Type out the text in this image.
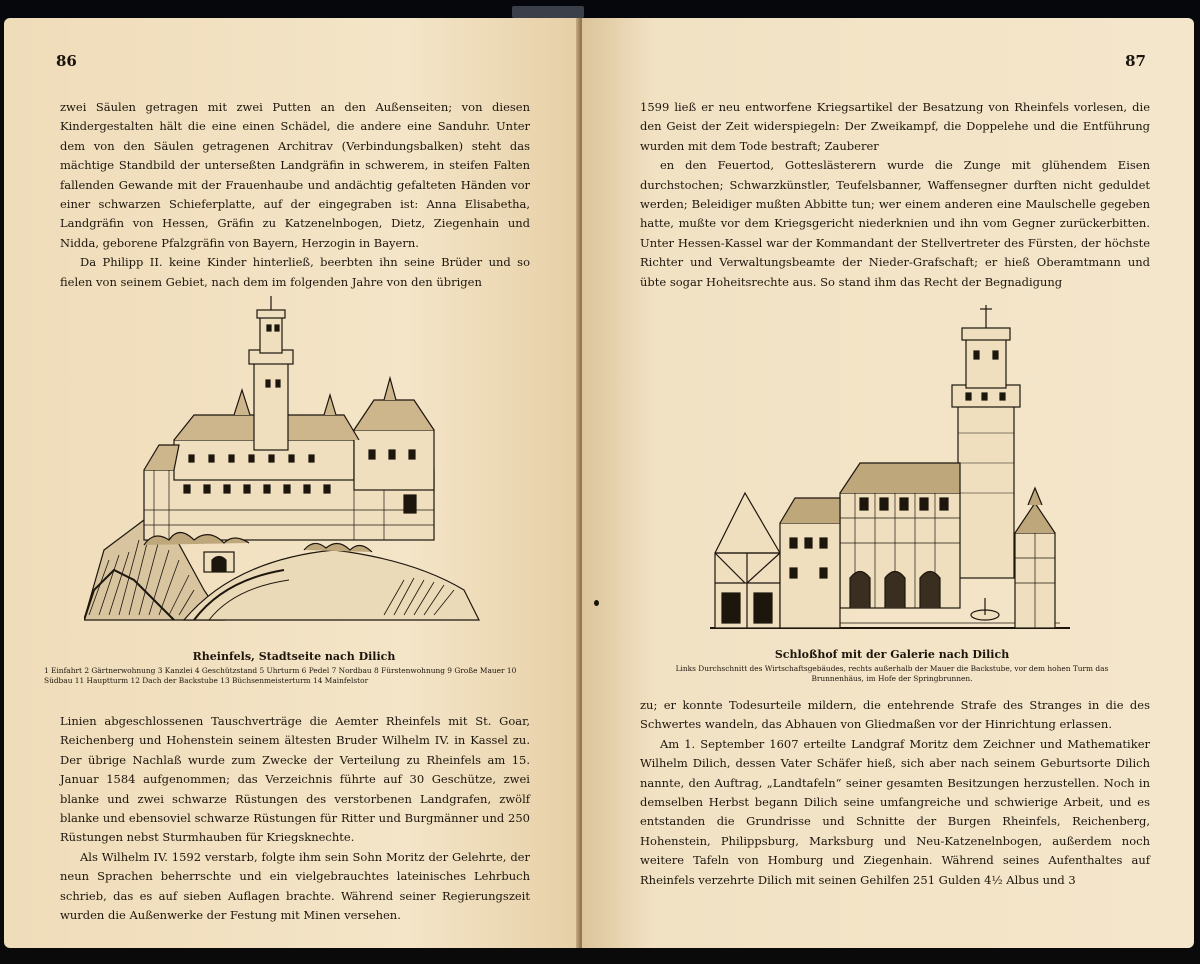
86

zwei Säulen getragen mit zwei Putten an den Außenseiten; von diesen Kindergestalten hält die eine einen Schädel, die andere eine Sanduhr. Unter dem von den Säulen getragenen Architrav (Verbindungsbalken) steht das mächtige Standbild der unterseßten Landgräfin in schwerem, in steifen Falten fallenden Gewande mit der Frauenhaube und andächtig gefalteten Händen vor einer schwarzen Schieferplatte, auf der eingegraben ist: Anna Elisabetha, Landgräfin von Hessen, Gräfin zu Katzenelnbogen, Dietz, Ziegenhain und Nidda, geborene Pfalzgräfin von Bayern, Herzogin in Bayern.

Da Philipp II. keine Kinder hinterließ, beerbten ihn seine Brüder und so fielen von seinem Gebiet, nach dem im folgenden Jahre von den übrigen

Rheinfels, Stadtseite nach Dilich
1 Einfahrt 2 Gärtnerwohnung 3 Kanzlei 4 Geschützstand 5 Uhrturm 6 Pedel 7 Nordbau 8 Fürstenwohnung 9 Große Mauer 10 Südbau 11 Hauptturm 12 Dach der Backstube 13 Büchsenmeisterturm 14 Mainfelstor

Linien abgeschlossenen Tauschverträge die Aemter Rheinfels mit St. Goar, Reichenberg und Hohenstein seinem ältesten Bruder Wilhelm IV. in Kassel zu. Der übrige Nachlaß wurde zum Zwecke der Verteilung zu Rheinfels am 15. Januar 1584 aufgenommen; das Verzeichnis führte auf 30 Geschütze, zwei blanke und zwei schwarze Rüstungen des verstorbenen Landgrafen, zwölf blanke und ebensoviel schwarze Rüstungen für Ritter und Burgmänner und 250 Rüstungen nebst Sturmhauben für Kriegsknechte.

Als Wilhelm IV. 1592 verstarb, folgte ihm sein Sohn Moritz der Gelehrte, der neun Sprachen beherrschte und ein vielgebrauchtes lateinisches Lehrbuch schrieb, das es auf sieben Auflagen brachte. Während seiner Regierungszeit wurden die Außenwerke der Festung mit Minen versehen.

87

1599 ließ er neu entworfene Kriegsartikel der Besatzung von Rheinfels vorlesen, die den Geist der Zeit widerspiegeln: Der Zweikampf, die Doppelehe und die Entführung wurden mit dem Tode bestraft; Zauberer

en den Feuertod, Gotteslästerern wurde die Zunge mit glühendem Eisen durchstochen; Schwarzkünstler, Teufelsbanner, Waffensegner durften nicht geduldet werden; Beleidiger mußten Abbitte tun; wer einem anderen eine Maulschelle gegeben hatte, mußte vor dem Kriegsgericht niederknien und ihn vom Gegner zurückerbitten. Unter Hessen-Kassel war der Kommandant der Stellvertreter des Fürsten, der höchste Richter und Verwaltungsbeamte der Nieder-Grafschaft; er hieß Oberamtmann und übte sogar Hoheitsrechte aus. So stand ihm das Recht der Begnadigung

Schloßhof mit der Galerie nach Dilich
Links Durchschnitt des Wirtschaftsgebäudes, rechts außerhalb der Mauer die Backstube, vor dem hohen Turm das Brunnenhäus, im Hofe der Springbrunnen.

zu; er konnte Todesurteile mildern, die entehrende Strafe des Stranges in die des Schwertes wandeln, das Abhauen von Gliedmaßen vor der Hinrichtung erlassen.

Am 1. September 1607 erteilte Landgraf Moritz dem Zeichner und Mathematiker Wilhelm Dilich, dessen Vater Schäfer hieß, sich aber nach seinem Geburtsorte Dilich nannte, den Auftrag, „Landtafeln“ seiner gesamten Besitzungen herzustellen. Noch in demselben Herbst begann Dilich seine umfangreiche und schwierige Arbeit, und es entstanden die Grundrisse und Schnitte der Burgen Rheinfels, Reichenberg, Hohenstein, Philippsburg, Marksburg und Neu-Katzenelnbogen, außerdem noch weitere Tafeln von Homburg und Ziegenhain. Während seines Aufenthaltes auf Rheinfels verzehrte Dilich mit seinen Gehilfen 251 Gulden 4½ Albus und 3
